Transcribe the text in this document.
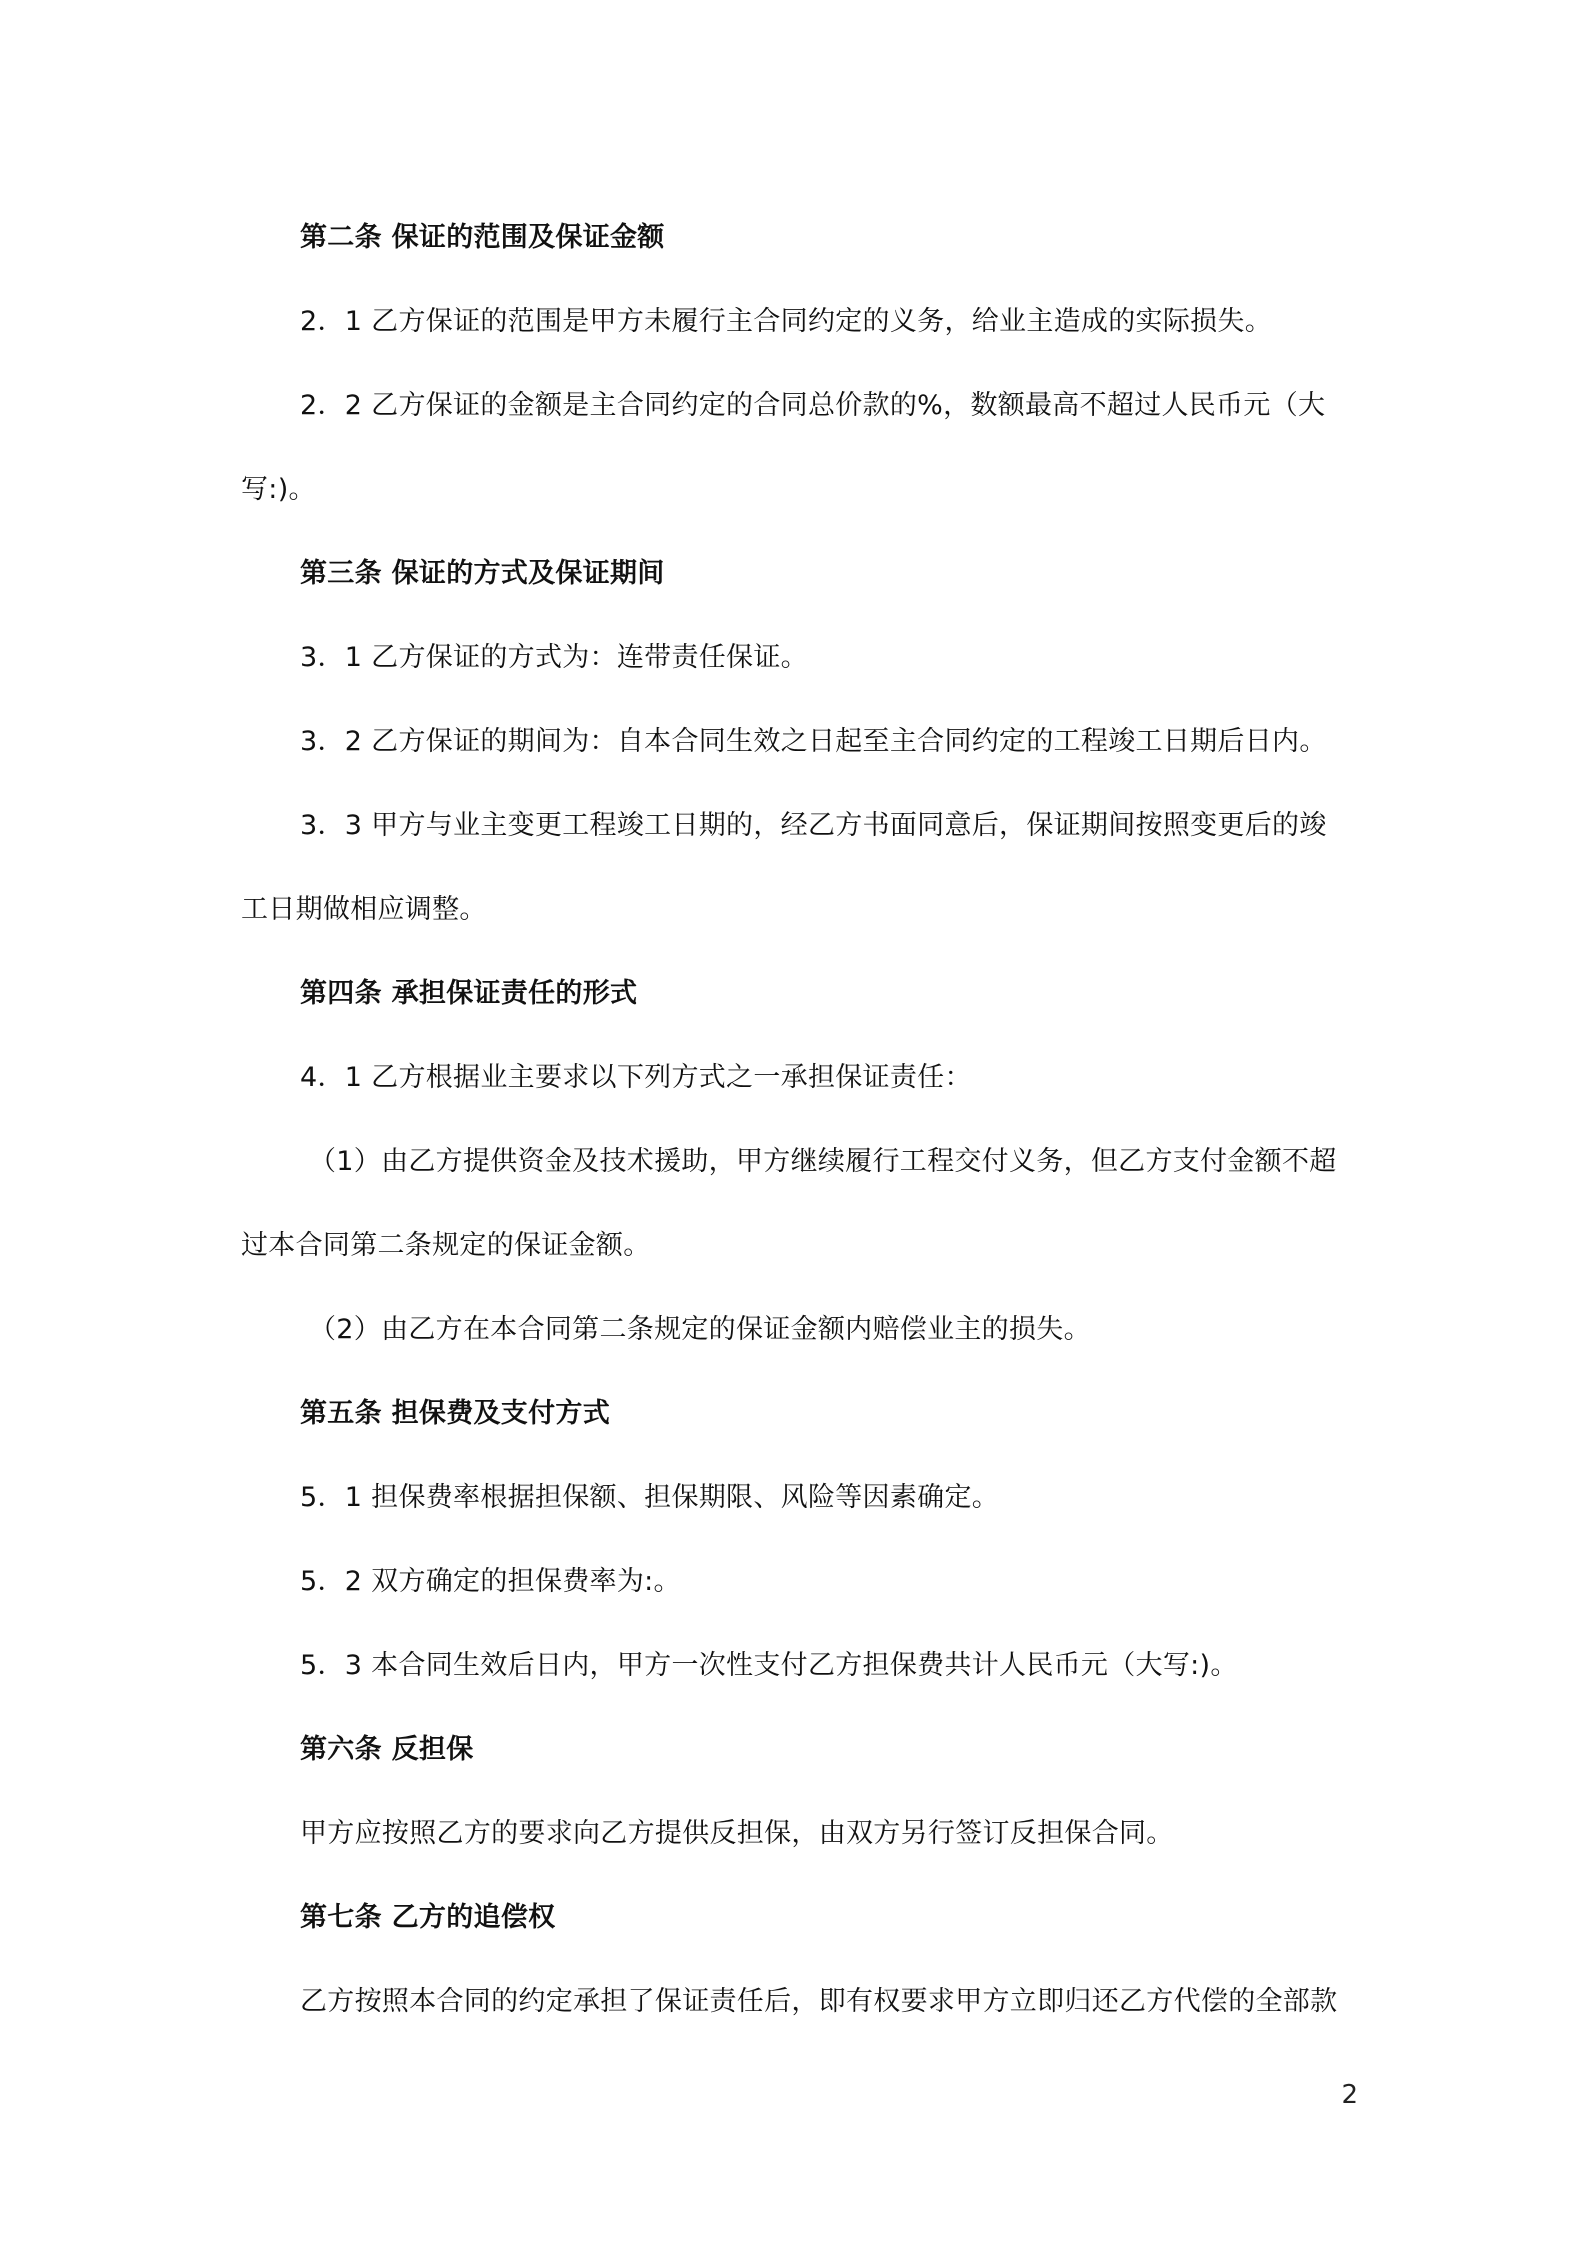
第二条 保证的范围及保证金额
2．1 乙方保证的范围是甲方未履行主合同约定的义务，给业主造成的实际损失。
2．2 乙方保证的金额是主合同约定的合同总价款的%，数额最高不超过人民币元（大
写:)。
第三条 保证的方式及保证期间
3．1 乙方保证的方式为：连带责任保证。
3．2 乙方保证的期间为：自本合同生效之日起至主合同约定的工程竣工日期后日内。
3．3 甲方与业主变更工程竣工日期的，经乙方书面同意后，保证期间按照变更后的竣
工日期做相应调整。
第四条 承担保证责任的形式
4．1 乙方根据业主要求以下列方式之一承担保证责任：
（1）由乙方提供资金及技术援助，甲方继续履行工程交付义务，但乙方支付金额不超
过本合同第二条规定的保证金额。
（2）由乙方在本合同第二条规定的保证金额内赔偿业主的损失。
第五条 担保费及支付方式
5．1 担保费率根据担保额、担保期限、风险等因素确定。
5．2 双方确定的担保费率为:。
5．3 本合同生效后日内，甲方一次性支付乙方担保费共计人民币元（大写:)。
第六条 反担保
甲方应按照乙方的要求向乙方提供反担保，由双方另行签订反担保合同。
第七条 乙方的追偿权
乙方按照本合同的约定承担了保证责任后，即有权要求甲方立即归还乙方代偿的全部款
2
